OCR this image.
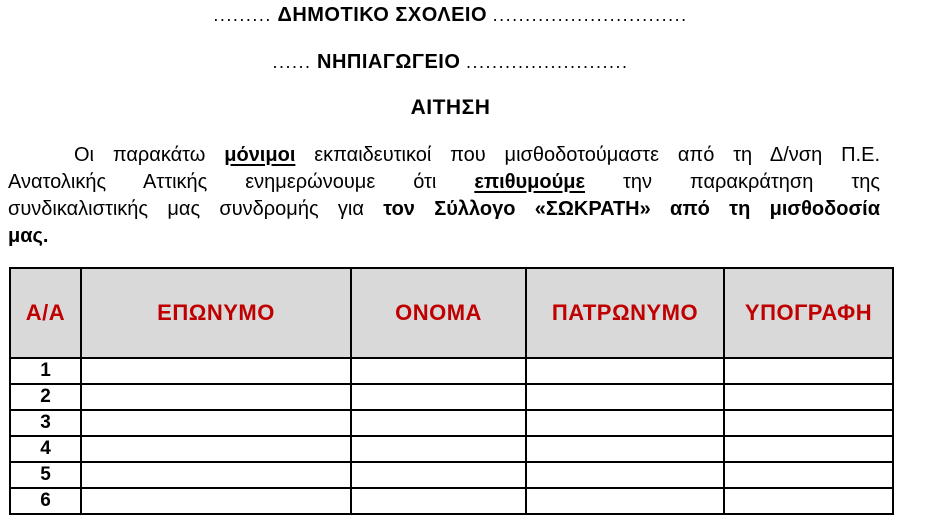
......... ΔΗΜΟΤΙΚΟ ΣΧΟΛΕΙΟ ..............................
...... ΝΗΠΙΑΓΩΓΕΙΟ .........................
ΑΙΤΗΣΗ
Οι παρακάτω μόνιμοι εκπαιδευτικοί που μισθοδοτούμαστε από τη Δ/νση Π.Ε.
Ανατολικής Αττικής ενημερώνουμε ότι επιθυμούμε την παρακράτηση της
συνδικαλιστικής μας συνδρομής για τον Σύλλογο «ΣΩΚΡΑΤΗ» από τη μισθοδοσία
μας.
Α/Α	ΕΠΩΝΥΜΟ	ΟΝΟΜΑ	ΠΑΤΡΩΝΥΜΟ	ΥΠΟΓΡΑΦΗ
1				
2				
3				
4				
5				
6				
